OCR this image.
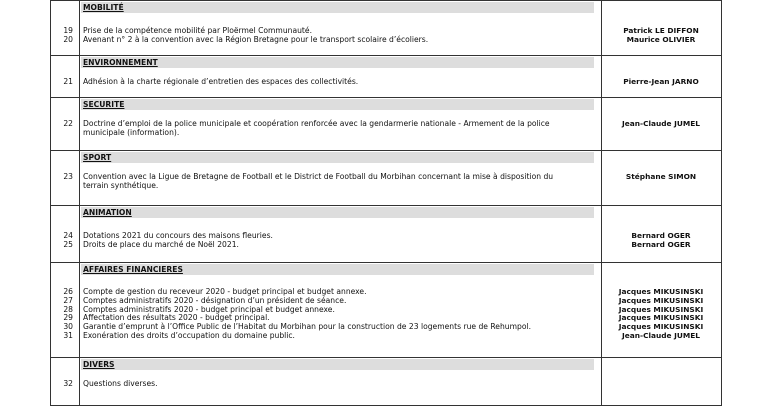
MOBILITÉ
19 Prise de la compétence mobilité par Ploërmel Communauté.	Patrick LE DIFFON
20 Avenant n° 2 à la convention avec la Région Bretagne pour le transport scolaire d’écoliers.	Maurice OLIVIER
ENVIRONNEMENT
21 Adhésion à la charte régionale d’entretien des espaces des collectivités.	Pierre-Jean JARNO
SECURITE
22 Doctrine d’emploi de la police municipale et coopération renforcée avec la gendarmerie nationale - Armement de la police	Jean-Claude JUMEL
municipale (information).
SPORT
23 Convention avec la Ligue de Bretagne de Football et le District de Football du Morbihan concernant la mise à disposition du	Stéphane SIMON
terrain synthétique.
ANIMATION
24 Dotations 2021 du concours des maisons fleuries.	Bernard OGER
25 Droits de place du marché de Noël 2021.	Bernard OGER
AFFAIRES FINANCIERES
26 Compte de gestion du receveur 2020 - budget principal et budget annexe.	Jacques MIKUSINSKI
27 Comptes administratifs 2020 - désignation d’un président de séance.	Jacques MIKUSINSKI
28 Comptes administratifs 2020 - budget principal et budget annexe.	Jacques MIKUSINSKI
29 Affectation des résultats 2020 - budget principal.	Jacques MIKUSINSKI
30 Garantie d’emprunt à l’Office Public de l’Habitat du Morbihan pour la construction de 23 logements rue de Rehumpol.	Jacques MIKUSINSKI
31 Exonération des droits d’occupation du domaine public.	Jean-Claude JUMEL
DIVERS
32 Questions diverses.
